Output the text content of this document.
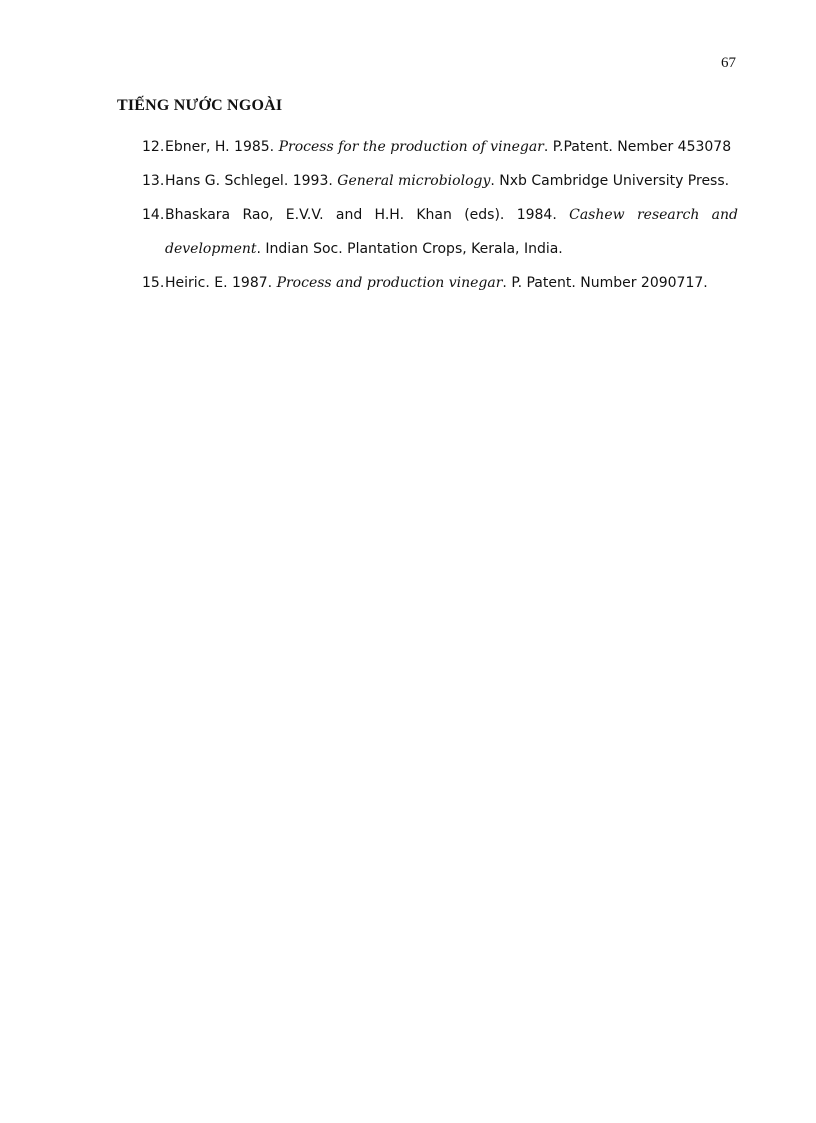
67
TIẾNG NƯỚC NGOÀI
12. Ebner, H. 1985. Process for the production of vinegar. P.Patent. Nember 453078
13. Hans G. Schlegel. 1993. General microbiology. Nxb Cambridge University Press.
14. Bhaskara Rao, E.V.V. and H.H. Khan (eds). 1984. Cashew research and development. Indian Soc. Plantation Crops, Kerala, India.
15. Heiric. E. 1987. Process and production vinegar. P. Patent. Number 2090717.
